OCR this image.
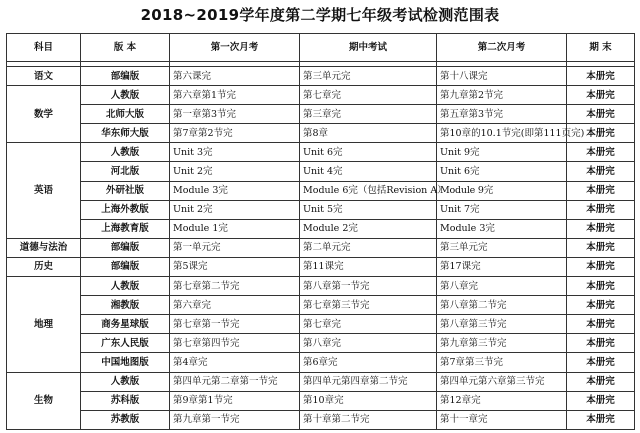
2018~2019学年度第二学期七年级考试检测范围表
科目	版 本	第一次月考	期中考试	第二次月考	期 末

语文	部编版	第六课完	第三单元完	第十八课完	本册完
数学	人教版	第六章第1节完	第七章完	第九章第2节完	本册完
	北师大版	第一章第3节完	第三章完	第五章第3节完	本册完
	华东师大版	第7章第2节完	第8章	第10章的10.1节完(即第111页完)	本册完
英语	人教版	Unit 3完	Unit 6完	Unit 9完	本册完
	河北版	Unit 2完	Unit 4完	Unit 6完	本册完
	外研社版	Module 3完	Module 6完（包括Revision A）	Module 9完	本册完
	上海外教版	Unit 2完	Unit 5完	Unit 7完	本册完
	上海教育版	Module 1完	Module 2完	Module 3完	本册完
道德与法治	部编版	第一单元完	第二单元完	第三单元完	本册完
历史	部编版	第5课完	第11课完	第17课完	本册完
地理	人教版	第七章第二节完	第八章第一节完	第八章完	本册完
	湘教版	第六章完	第七章第三节完	第八章第二节完	本册完
	商务星球版	第七章第一节完	第七章完	第八章第三节完	本册完
	广东人民版	第七章第四节完	第八章完	第九章第三节完	本册完
	中国地图版	第4章完	第6章完	第7章第三节完	本册完
生物	人教版	第四单元第二章第一节完	第四单元第四章第二节完	第四单元第六章第三节完	本册完
	苏科版	第9章第1节完	第10章完	第12章完	本册完
	苏教版	第九章第一节完	第十章第二节完	第十一章完	本册完
